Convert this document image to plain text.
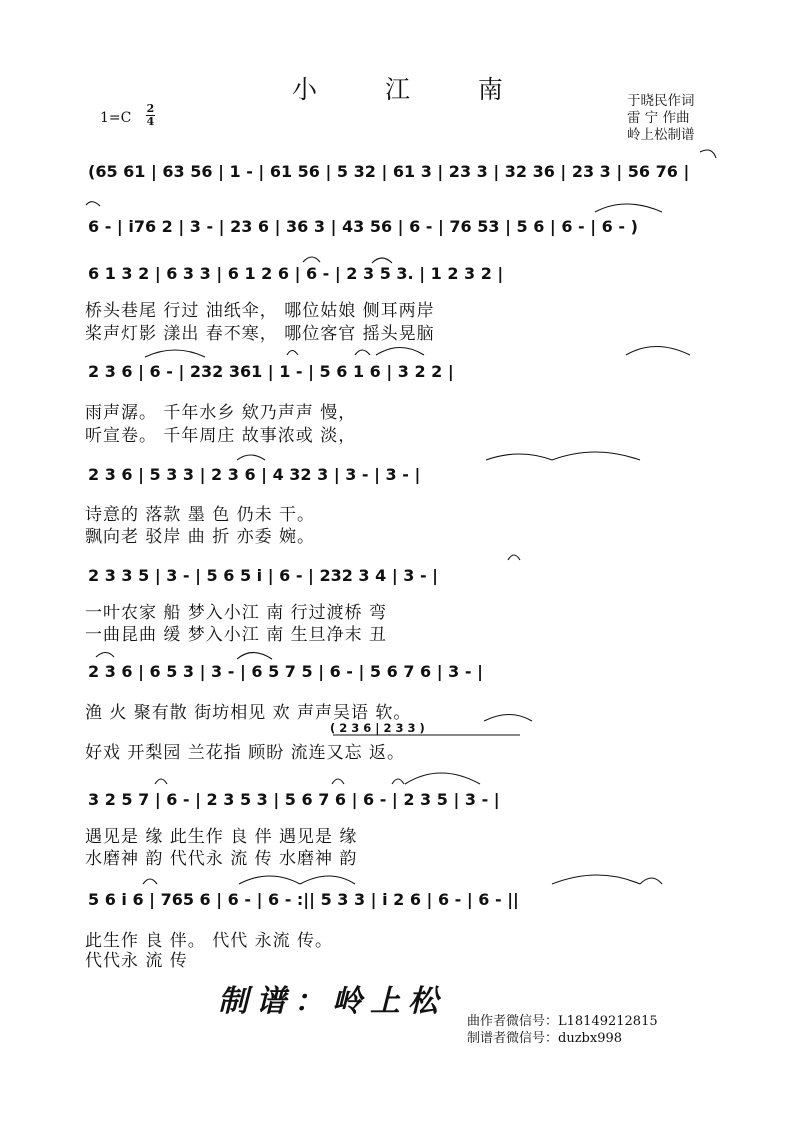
小 江 南	于晓民作词
雷 宁 作曲
岭上松制谱
1=C
2
4
(65 61 | 63 56 | 1 - | 61 56 | 5 32 | 61 3 | 23 3 | 32 36 | 23 3 | 56 76 |
6 - | i76 2 | 3 - | 23 6 | 36 3 | 43 56 | 6 - | 76 53 | 5 6 | 6 - | 6 - )
6 1 3 2 | 6 3 3 | 6 1 2 6 | 6 - | 2 3 5 3. | 1 2 3 2 |
桥头巷尾 行过 油纸伞， 哪位姑娘 侧耳两岸
桨声灯影 漾出 春不寒， 哪位客官 摇头晃脑
2 3 6 | 6 - | 232 361 | 1 - | 5 6 1 6 | 3 2 2 |
雨声潺。 千年水乡 欸乃声声 慢，
听宣卷。 千年周庄 故事浓或 淡，
2 3 6 | 5 3 3 | 2 3 6 | 4 32 3 | 3 - | 3 - |
诗意的 落款 墨 色 仍未 干。
飘向老 驳岸 曲 折 亦委 婉。
2 3 3 5 | 3 - | 5 6 5 i | 6 - | 232 3 4 | 3 - |
一叶农家 船 梦入小江 南 行过渡桥 弯
一曲昆曲 缓 梦入小江 南 生旦净末 丑
2 3 6 | 6 5 3 | 3 - | 6 5 7 5 | 6 - | 5 6 7 6 | 3 - |
渔 火 聚有散 街坊相见 欢 声声吴语 软。
( 2 3 6 | 2 3 3 )
好戏 开梨园 兰花指 顾盼 流连又忘 返。
3 2 5 7 | 6 - | 2 3 5 3 | 5 6 7 6 | 6 - | 2 3 5 | 3 - |
遇见是 缘 此生作 良 伴 遇见是 缘
水磨神 韵 代代永 流 传 水磨神 韵
5 6 i 6 | 765 6 | 6 - | 6 - :|| 5 3 3 | i 2 6 | 6 - | 6 - ||
此生作 良 伴。 代代 永流 传。
代代永 流 传
制谱：岭上松
曲作者微信号：L18149212815
制谱者微信号：duzbx998
